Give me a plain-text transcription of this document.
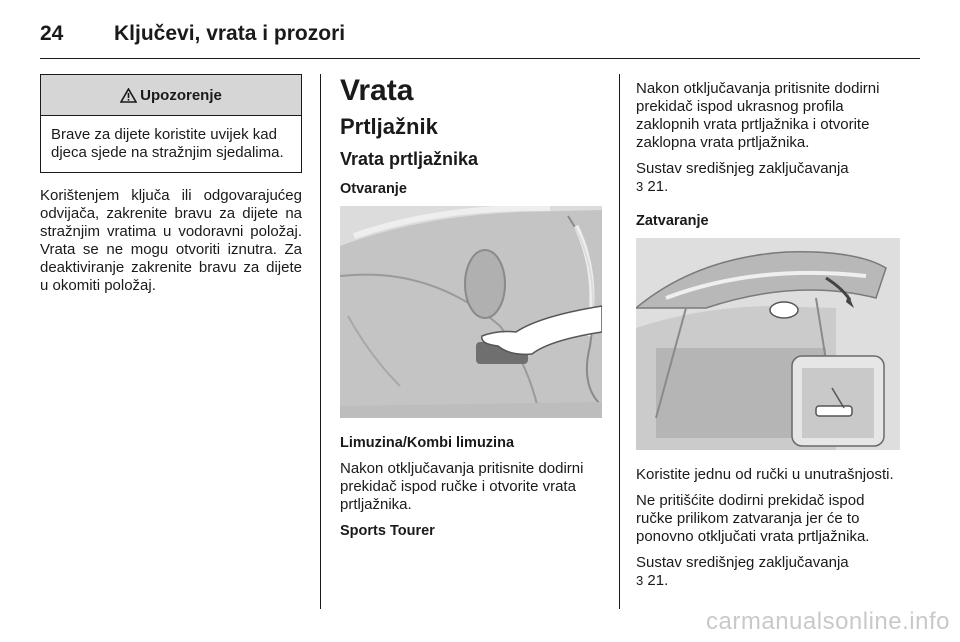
24 Ključevi, vrata i prozori
Upozorenje
Brave za dijete koristite uvijek kad djeca sjede na stražnjim sjedalima.

Korištenjem ključa ili odgovarajućeg odvijača, zakrenite bravu za dijete na stražnjim vratima u vodoravni položaj. Vrata se ne mogu otvoriti iznutra. Za deaktiviranje zakrenite bravu za dijete u okomiti položaj.

Vrata
Prtljažnik
Vrata prtljažnika
Otvaranje
Limuzina/Kombi limuzina

Nakon otključavanja pritisnite dodirni prekidač ispod ručke i otvorite vrata prtljažnika.

Sports Tourer

Nakon otključavanja pritisnite dodirni prekidač ispod ukrasnog profila zaklopnih vrata prtljažnika i otvorite zaklopna vrata prtljažnika.

Sustav središnjeg zaključavanja
3 21.

Zatvaranje

Koristite jednu od ručki u unutrašnjosti.

Ne pritišćite dodirni prekidač ispod ručke prilikom zatvaranja jer će to ponovno otključati vrata prtljažnika.

Sustav središnjeg zaključavanja
3 21.

carmanualsonline.info
